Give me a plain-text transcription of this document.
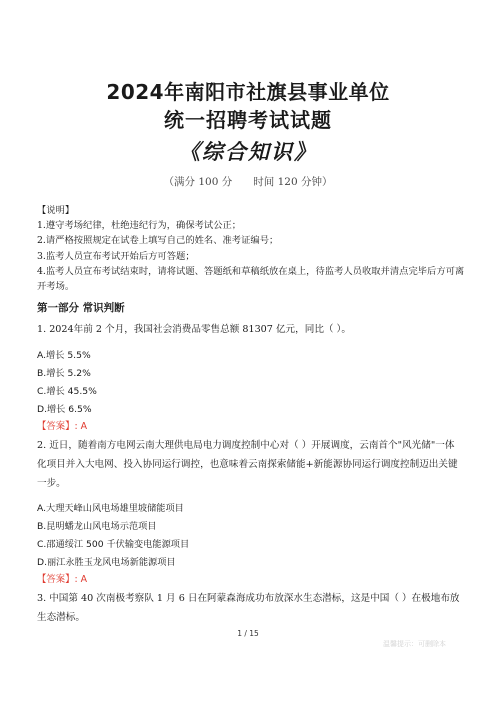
2024年南阳市社旗县事业单位
统一招聘考试试题
《综合知识》
（满分 100 分　　时间 120 分钟）
【说明】
1.遵守考场纪律，杜绝违纪行为，确保考试公正；
2.请严格按照规定在试卷上填写自己的姓名、准考证编号；
3.监考人员宣布考试开始后方可答题；
4.监考人员宣布考试结束时，请将试题、答题纸和草稿纸放在桌上，待监考人员收取并清点完毕后方可离开考场。
第一部分 常识判断
1. 2024年前 2 个月，我国社会消费品零售总额 81307 亿元，同比（ ）。
A.增长 5.5%
B.增长 5.2%
C.增长 45.5%
D.增长 6.5%
【答案】: A
2. 近日，随着南方电网云南大理供电局电力调度控制中心对（ ）开展调度，云南首个"风光储"一体化项目并入大电网、投入协同运行调控，也意味着云南探索储能+新能源协同运行调度控制迈出关键一步。
A.大理天峰山风电场雄里坡储能项目
B.昆明蟠龙山风电场示范项目
C.邵通绥江 500 千伏输变电能源项目
D.丽江永胜玉龙风电场新能源项目
【答案】: A
3. 中国第 40 次南极考察队 1 月 6 日在阿蒙森海成功布放深水生态潜标，这是中国（ ）在极地布放生态潜标。
1 / 15
温馨提示：可删除本
